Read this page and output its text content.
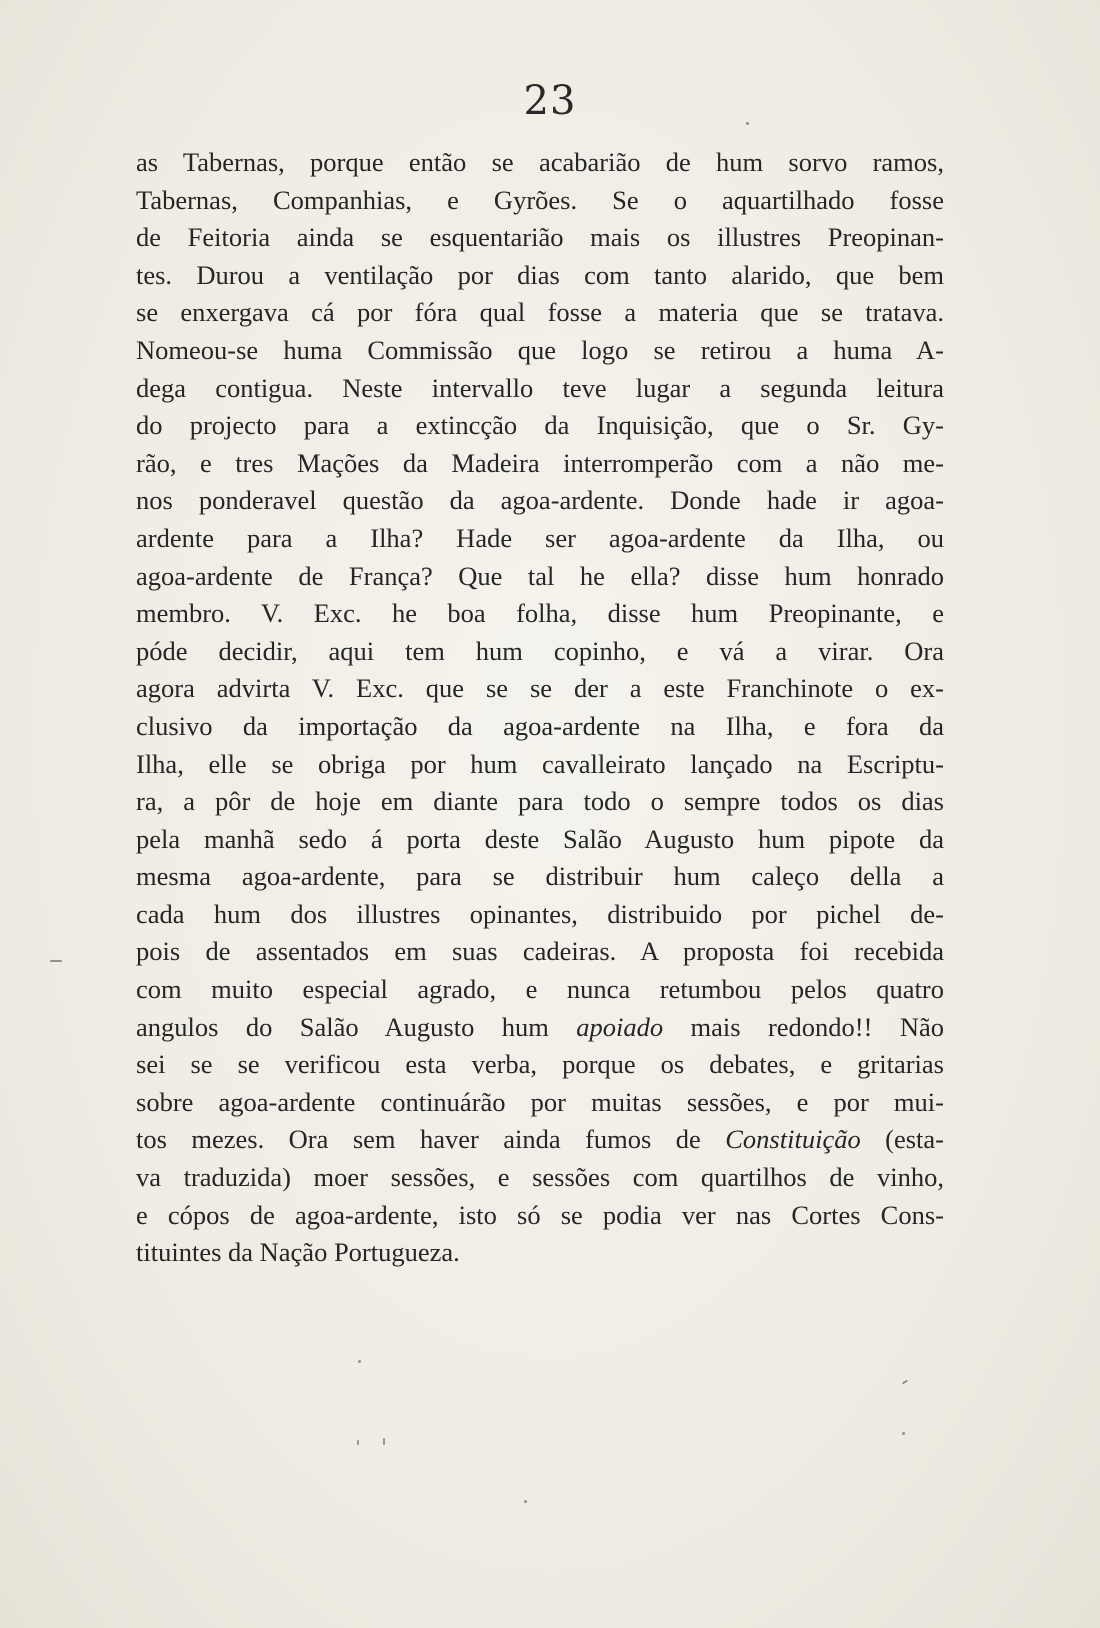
23
as Tabernas, porque então se acabarião de hum sorvo ramos,
Tabernas, Companhias, e Gyrões. Se o aquartilhado fosse
de Feitoria ainda se esquentarião mais os illustres Preopinan-
tes. Durou a ventilação por dias com tanto alarido, que bem
se enxergava cá por fóra qual fosse a materia que se tratava.
Nomeou-se huma Commissão que logo se retirou a huma A-
dega contigua. Neste intervallo teve lugar a segunda leitura
do projecto para a extincção da Inquisição, que o Sr. Gy-
rão, e tres Mações da Madeira interromperão com a não me-
nos ponderavel questão da agoa-ardente. Donde hade ir agoa-
ardente para a Ilha? Hade ser agoa-ardente da Ilha, ou
agoa-ardente de França? Que tal he ella? disse hum honrado
membro. V. Exc. he boa folha, disse hum Preopinante, e
póde decidir, aqui tem hum copinho, e vá a virar. Ora
agora advirta V. Exc. que se se der a este Franchinote o ex-
clusivo da importação da agoa-ardente na Ilha, e fora da
Ilha, elle se obriga por hum cavalleirato lançado na Escriptu-
ra, a pôr de hoje em diante para todo o sempre todos os dias
pela manhã sedo á porta deste Salão Augusto hum pipote da
mesma agoa-ardente, para se distribuir hum caleço della a
cada hum dos illustres opinantes, distribuido por pichel de-
pois de assentados em suas cadeiras. A proposta foi recebida
com muito especial agrado, e nunca retumbou pelos quatro
angulos do Salão Augusto hum apoiado mais redondo!! Não
sei se se verificou esta verba, porque os debates, e gritarias
sobre agoa-ardente continuárão por muitas sessões, e por mui-
tos mezes. Ora sem haver ainda fumos de Constituição (esta-
va traduzida) moer sessões, e sessões com quartilhos de vinho,
e cópos de agoa-ardente, isto só se podia ver nas Cortes Cons-
tituintes da Nação Portugueza.
